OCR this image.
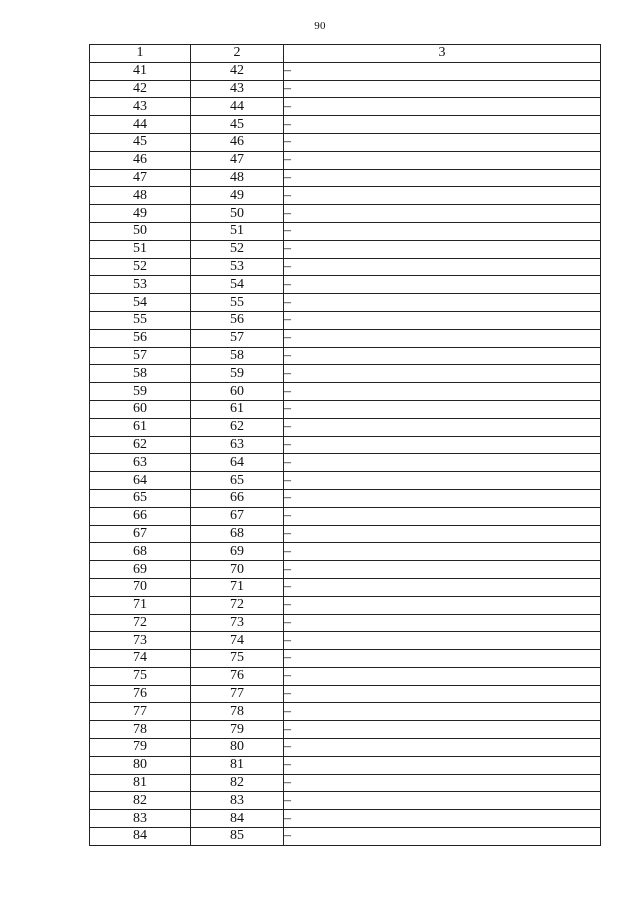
90
1	2	3
41	42	–
42	43	–
43	44	–
44	45	–
45	46	–
46	47	–
47	48	–
48	49	–
49	50	–
50	51	–
51	52	–
52	53	–
53	54	–
54	55	–
55	56	–
56	57	–
57	58	–
58	59	–
59	60	–
60	61	–
61	62	–
62	63	–
63	64	–
64	65	–
65	66	–
66	67	–
67	68	–
68	69	–
69	70	–
70	71	–
71	72	–
72	73	–
73	74	–
74	75	–
75	76	–
76	77	–
77	78	–
78	79	–
79	80	–
80	81	–
81	82	–
82	83	–
83	84	–
84	85	–
